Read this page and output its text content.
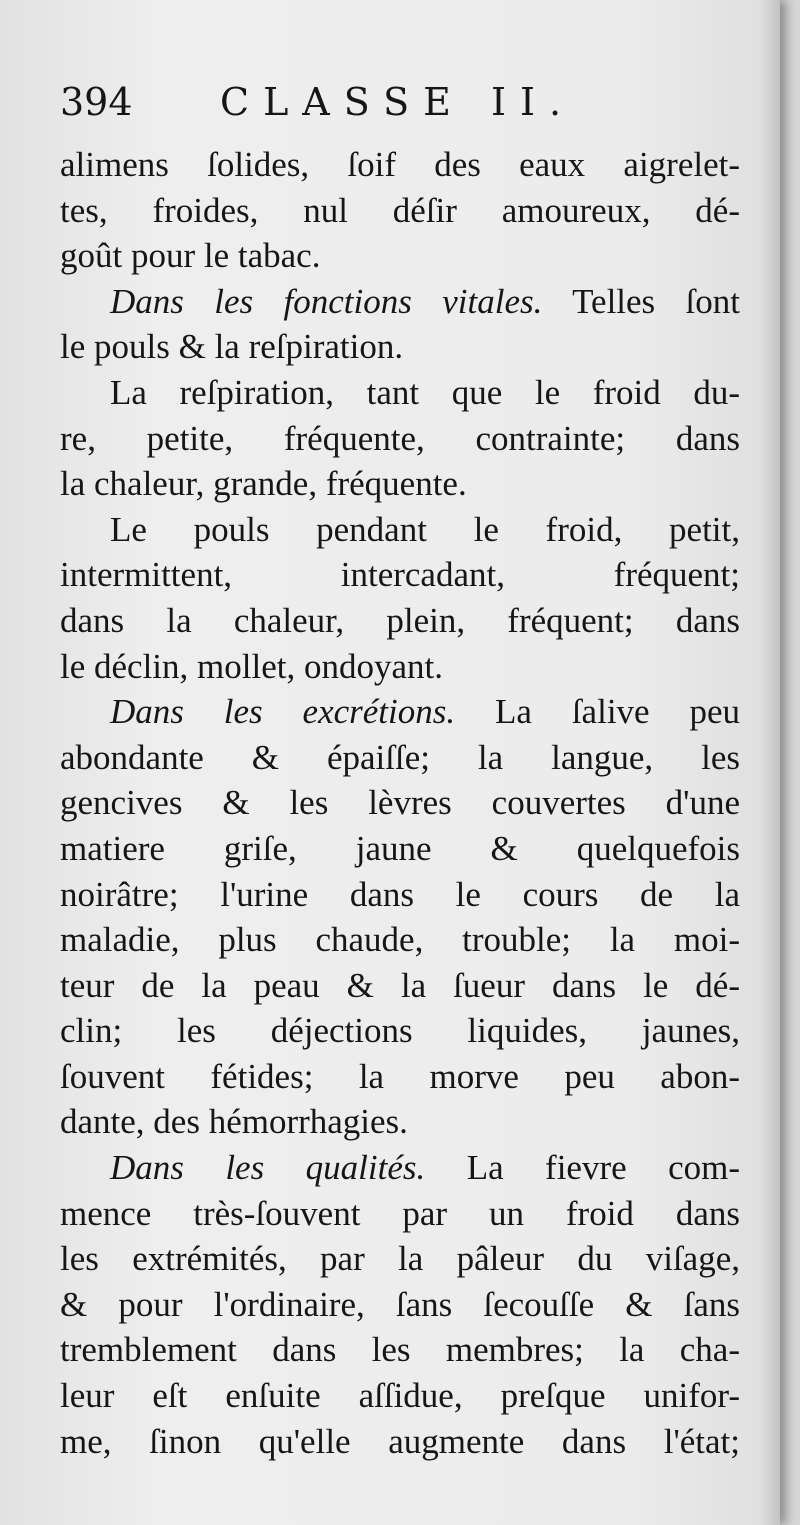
394	CLASSE II.
alimens ſolides, ſoif des eaux aigrelet-
tes, froides, nul déſir amoureux, dé-
goût pour le tabac.
Dans les fonctions vitales. Telles ſont
le pouls & la reſpiration.
La reſpiration, tant que le froid du-
re, petite, fréquente, contrainte; dans
la chaleur, grande, fréquente.
Le pouls pendant le froid, petit,
intermittent, intercadant, fréquent;
dans la chaleur, plein, fréquent; dans
le déclin, mollet, ondoyant.
Dans les excrétions. La ſalive peu
abondante & épaiſſe; la langue, les
gencives & les lèvres couvertes d'une
matiere griſe, jaune & quelquefois
noirâtre; l'urine dans le cours de la
maladie, plus chaude, trouble; la moi-
teur de la peau & la ſueur dans le dé-
clin; les déjections liquides, jaunes,
ſouvent fétides; la morve peu abon-
dante, des hémorrhagies.
Dans les qualités. La fievre com-
mence très-ſouvent par un froid dans
les extrémités, par la pâleur du viſage,
& pour l'ordinaire, ſans ſecouſſe & ſans
tremblement dans les membres; la cha-
leur eſt enſuite aſſidue, preſque unifor-
me, ſinon qu'elle augmente dans l'état;
